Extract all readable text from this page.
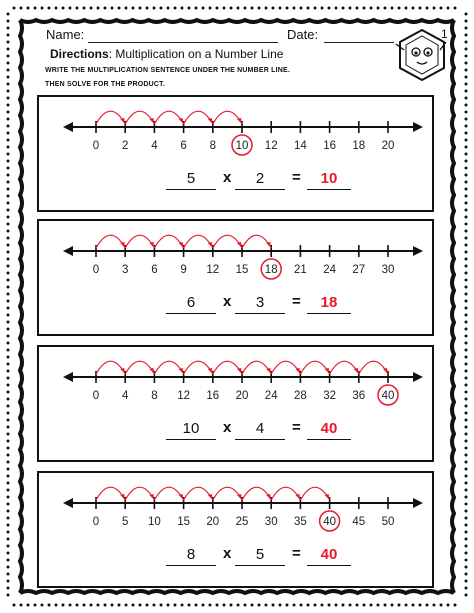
Name:	Date:	1
Directions: Multiplication on a Number Line
WRITE THE MULTIPLICATION SENTENCE UNDER THE NUMBER LINE.
THEN SOLVE FOR THE PRODUCT.
0 2 4 6 8 10 12 14 16 18 20
5	x	2	=	10
0 3 6 9 12 15 18 21 24 27 30
6	x	3	=	18
0 4 8 12 16 20 24 28 32 36 40
10	x	4	=	40
0 5 10 15 20 25 30 35 40 45 50
8	x	5	=	40
